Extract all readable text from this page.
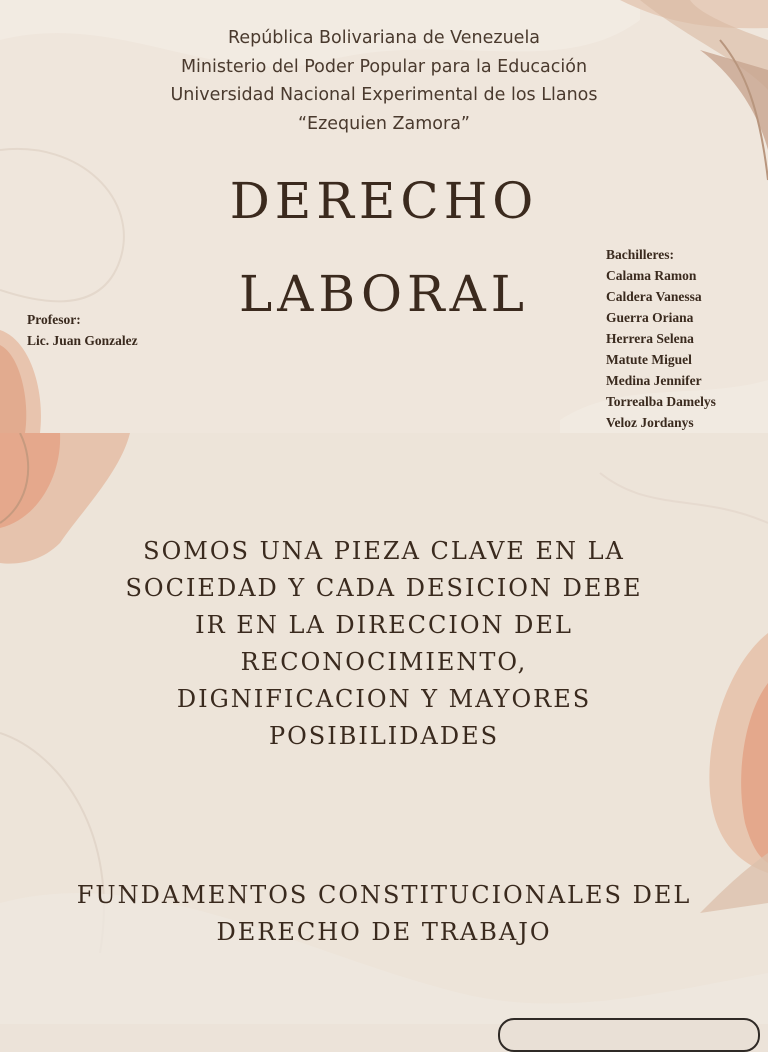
República Bolivariana de Venezuela
Ministerio del Poder Popular para la Educación
Universidad Nacional Experimental de los Llanos
“Ezequien Zamora”
DERECHO
LABORAL
Profesor:
Lic. Juan Gonzalez
Bachilleres:
Calama Ramon
Caldera Vanessa
Guerra Oriana
Herrera Selena
Matute Miguel
Medina Jennifer
Torrealba Damelys
Veloz Jordanys
SOMOS UNA PIEZA CLAVE EN LA
SOCIEDAD Y CADA DESICION DEBE
IR EN LA DIRECCION DEL
RECONOCIMIENTO,
DIGNIFICACION Y MAYORES
POSIBILIDADES
FUNDAMENTOS CONSTITUCIONALES DEL
DERECHO DE TRABAJO
